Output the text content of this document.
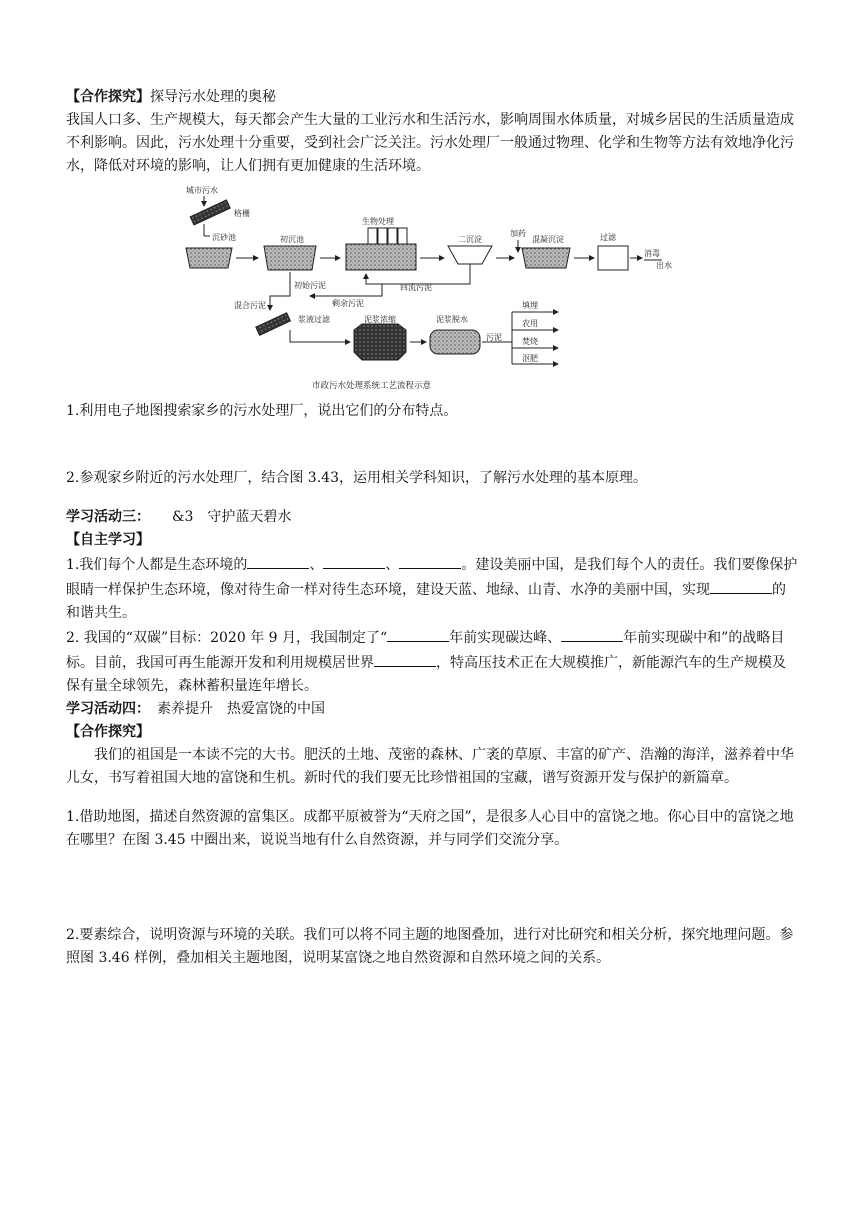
【合作探究】探导污水处理的奥秘

我国人口多、生产规模大，每天都会产生大量的工业污水和生活污水，影响周围水体质量，对城乡居民的生活质量造成不利影响。因此，污水处理十分重要，受到社会广泛关注。污水处理厂一般通过物理、化学和生物等方法有效地净化污水，降低对环境的影响，让人们拥有更加健康的生活环境。

城市污水
格栅
沉砂池	初沉池
生物处理
二沉淀
加药
混凝沉淀	过滤
消毒
出水
回流污泥
剩余污泥
初始污泥
混合污泥
浆液过滤	泥浆浓缩	泥浆脱水
污泥
填埋
农用
焚烧
沤肥
市政污水处理系统工艺流程示意

1.利用电子地图搜索家乡的污水处理厂，说出它们的分布特点。

2.参观家乡附近的污水处理厂，结合图 3.43，运用相关学科知识，了解污水处理的基本原理。

学习活动三： &3　 守护蓝天碧水

【自主学习】

1.我们每个人都是生态环境的	、	、	。建设美丽中国，是我们每个人的责任。我们要像保护眼睛一样保护生态环境，像对待生命一样对待生态环境，建设天蓝、地绿、山青、水净的美丽中国，实现	的和谐共生。

2. 我国的“双碳”目标：2020 年 9 月，我国制定了“	年前实现碳达峰、	年前实现碳中和”的战略目标。目前，我国可再生能源开发和利用规模居世界	，特高压技术正在大规模推广，新能源汽车的生产规模及保有量全球领先，森林蓄积量连年增长。

学习活动四：　 素养提升　热爱富饶的中国

【合作探究】

我们的祖国是一本读不完的大书。肥沃的土地、茂密的森林、广袤的草原、丰富的矿产、浩瀚的海洋，滋养着中华儿女，书写着祖国大地的富饶和生机。新时代的我们要无比珍惜祖国的宝藏，谱写资源开发与保护的新篇章。

1.借助地图，描述自然资源的富集区。成都平原被誉为“天府之国”，是很多人心目中的富饶之地。你心目中的富饶之地在哪里？在图 3.45 中圈出来，说说当地有什么自然资源，并与同学们交流分享。

2.要素综合，说明资源与环境的关联。我们可以将不同主题的地图叠加，进行对比研究和相关分析，探究地理问题。参照图 3.46 样例，叠加相关主题地图，说明某富饶之地自然资源和自然环境之间的关系。
